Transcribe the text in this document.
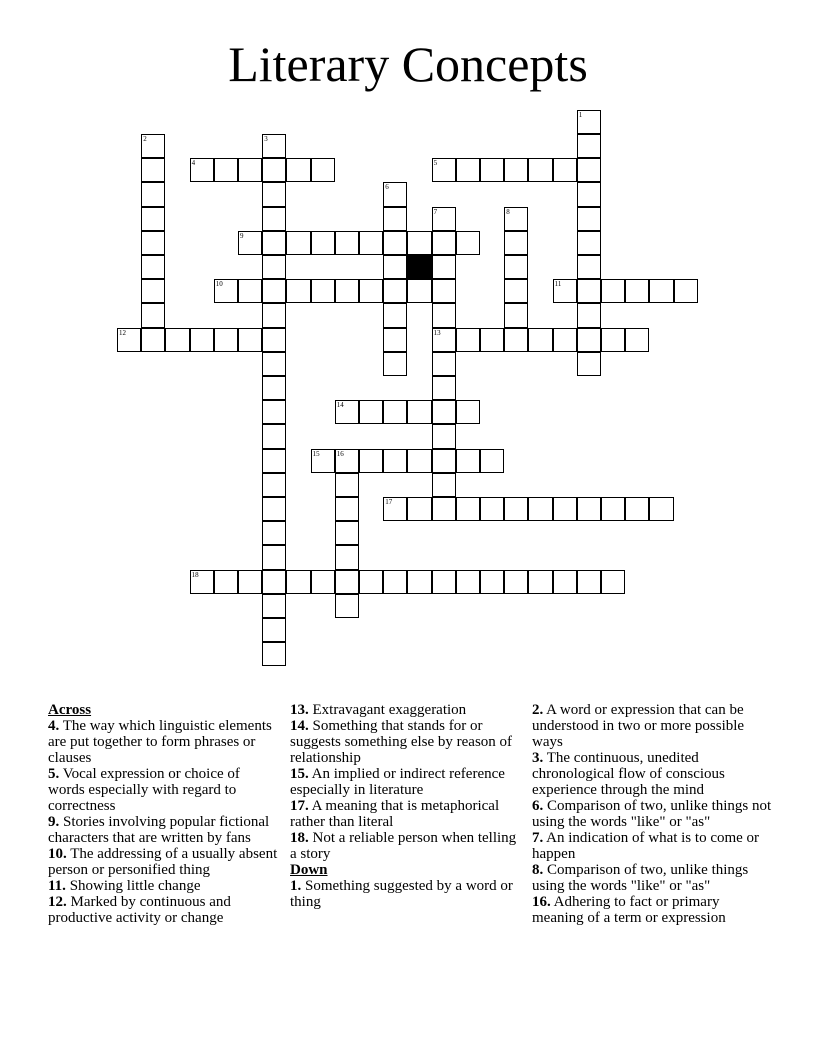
Literary Concepts
1
2	3
4	5
6
7
13
8
9
10	11
12
14
15 16
17
18

Across

4. The way which linguistic elements are put together to form phrases or clauses

5. Vocal expression or choice of words especially with regard to correctness

9. Stories involving popular fictional characters that are written by fans

10. The addressing of a usually absent person or personified thing

11. Showing little change

12. Marked by continuous and productive activity or change

13. Extravagant exaggeration

14. Something that stands for or suggests something else by reason of relationship

15. An implied or indirect reference especially in literature

17. A meaning that is metaphorical rather than literal

18. Not a reliable person when telling a story

Down

1. Something suggested by a word or thing

2. A word or expression that can be understood in two or more possible ways

3. The continuous, unedited chronological flow of conscious experience through the mind

6. Comparison of two, unlike things not using the words "like" or "as"

7. An indication of what is to come or happen

8. Comparison of two, unlike things using the words "like" or "as"

16. Adhering to fact or primary meaning of a term or expression
